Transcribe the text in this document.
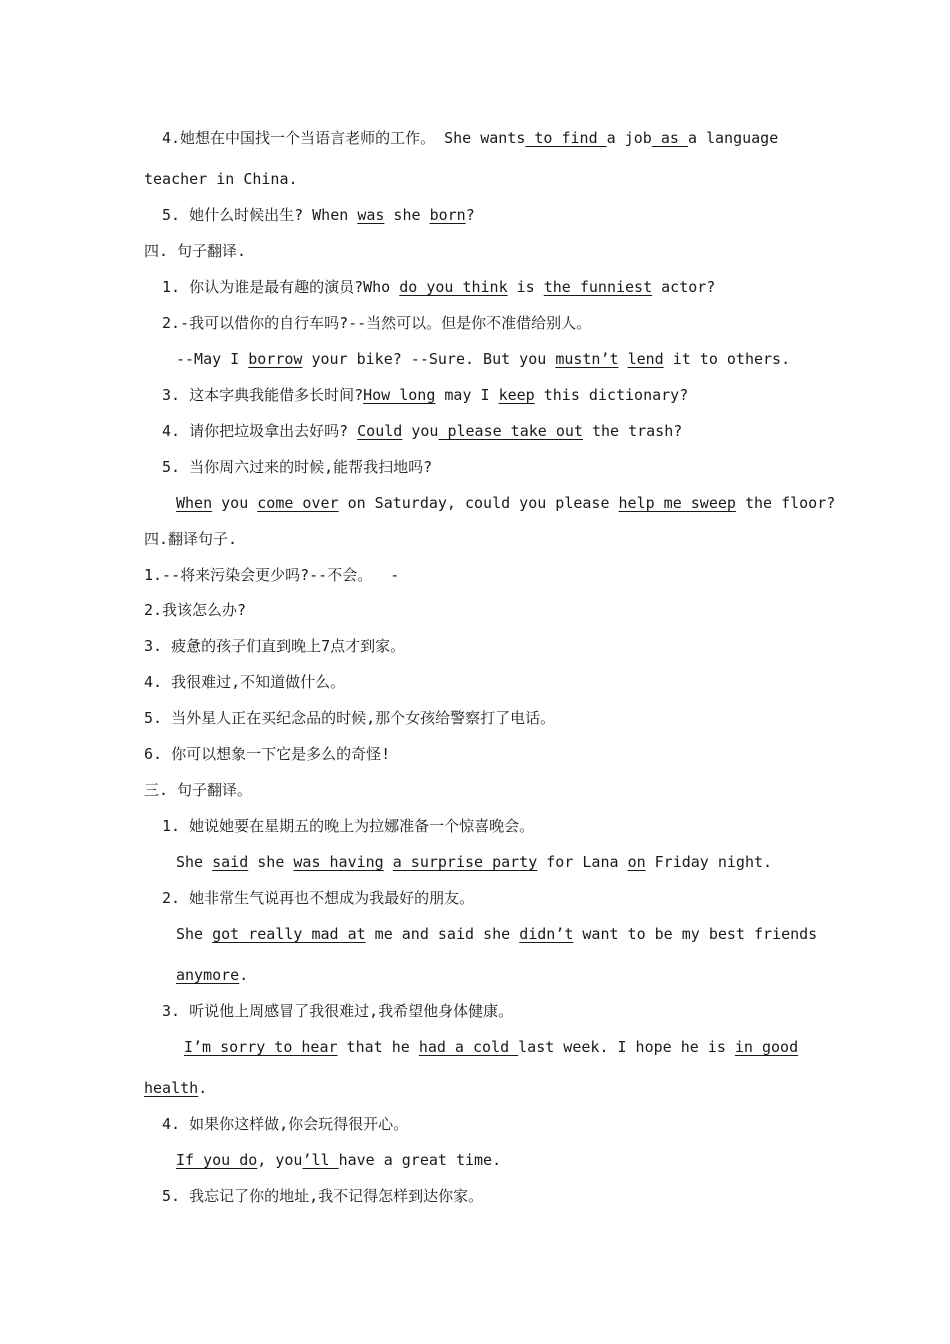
4.她想在中国找一个当语言老师的工作。 She wants to find a job as a language
teacher in China.
5. 她什么时候出生? When was she born?
四. 句子翻译.
1. 你认为谁是最有趣的演员?Who do you think is the funniest actor?
2.-我可以借你的自行车吗?--当然可以。但是你不准借给别人。
--May I borrow your bike? --Sure. But you mustn’t lend it to others.
3. 这本字典我能借多长时间?How long may I keep this dictionary?
4. 请你把垃圾拿出去好吗? Could you please take out the trash?
5. 当你周六过来的时候,能帮我扫地吗?
When you come over on Saturday, could you please help me sweep the floor?
四.翻译句子.
1.--将来污染会更少吗?--不会。  -
2.我该怎么办?
3. 疲惫的孩子们直到晚上7点才到家。
4. 我很难过,不知道做什么。
5. 当外星人正在买纪念品的时候,那个女孩给警察打了电话。
6. 你可以想象一下它是多么的奇怪!
三. 句子翻译。
1. 她说她要在星期五的晚上为拉娜准备一个惊喜晚会。
She said she was having a surprise party for Lana on Friday night.
2. 她非常生气说再也不想成为我最好的朋友。
She got really mad at me and said she didn’t want to be my best friends
anymore.
3. 听说他上周感冒了我很难过,我希望他身体健康。
I’m sorry to hear that he had a cold last week. I hope he is in good
health.
4. 如果你这样做,你会玩得很开心。
If you do, you’ll have a great time.
5. 我忘记了你的地址,我不记得怎样到达你家。
